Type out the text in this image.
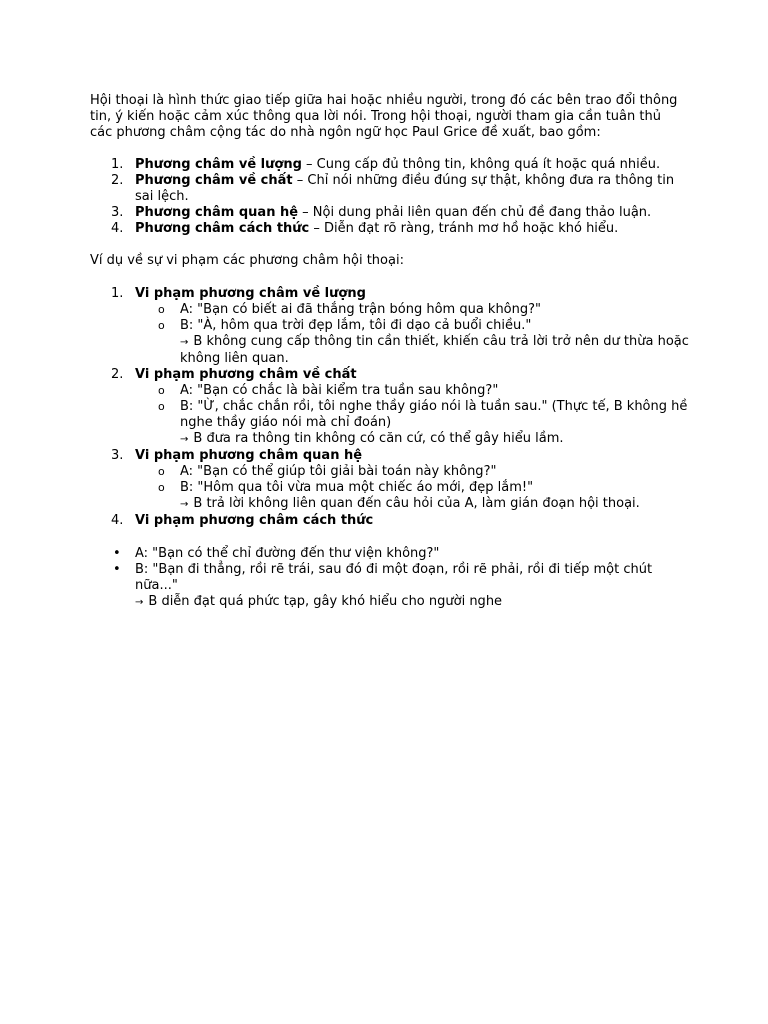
Hội thoại là hình thức giao tiếp giữa hai hoặc nhiều người, trong đó các bên trao đổi thông tin, ý kiến hoặc cảm xúc thông qua lời nói. Trong hội thoại, người tham gia cần tuân thủ các phương châm cộng tác do nhà ngôn ngữ học Paul Grice đề xuất, bao gồm:

1. Phương châm về lượng – Cung cấp đủ thông tin, không quá ít hoặc quá nhiều.
2. Phương châm về chất – Chỉ nói những điều đúng sự thật, không đưa ra thông tin sai lệch.
3. Phương châm quan hệ – Nội dung phải liên quan đến chủ đề đang thảo luận.
4. Phương châm cách thức – Diễn đạt rõ ràng, tránh mơ hồ hoặc khó hiểu.

Ví dụ về sự vi phạm các phương châm hội thoại:

1. Vi phạm phương châm về lượng
o A: "Bạn có biết ai đã thắng trận bóng hôm qua không?"
o B: "À, hôm qua trời đẹp lắm, tôi đi dạo cả buổi chiều."
→ B không cung cấp thông tin cần thiết, khiến câu trả lời trở nên dư thừa hoặc không liên quan.
2. Vi phạm phương châm về chất
o A: "Bạn có chắc là bài kiểm tra tuần sau không?"
o B: "Ừ, chắc chắn rồi, tôi nghe thầy giáo nói là tuần sau." (Thực tế, B không hề nghe thầy giáo nói mà chỉ đoán)
→ B đưa ra thông tin không có căn cứ, có thể gây hiểu lầm.
3. Vi phạm phương châm quan hệ
o A: "Bạn có thể giúp tôi giải bài toán này không?"
o B: "Hôm qua tôi vừa mua một chiếc áo mới, đẹp lắm!"
→ B trả lời không liên quan đến câu hỏi của A, làm gián đoạn hội thoại.
4. Vi phạm phương châm cách thức
• A: "Bạn có thể chỉ đường đến thư viện không?"
• B: "Bạn đi thẳng, rồi rẽ trái, sau đó đi một đoạn, rồi rẽ phải, rồi đi tiếp một chút nữa..."
→ B diễn đạt quá phức tạp, gây khó hiểu cho người nghe
